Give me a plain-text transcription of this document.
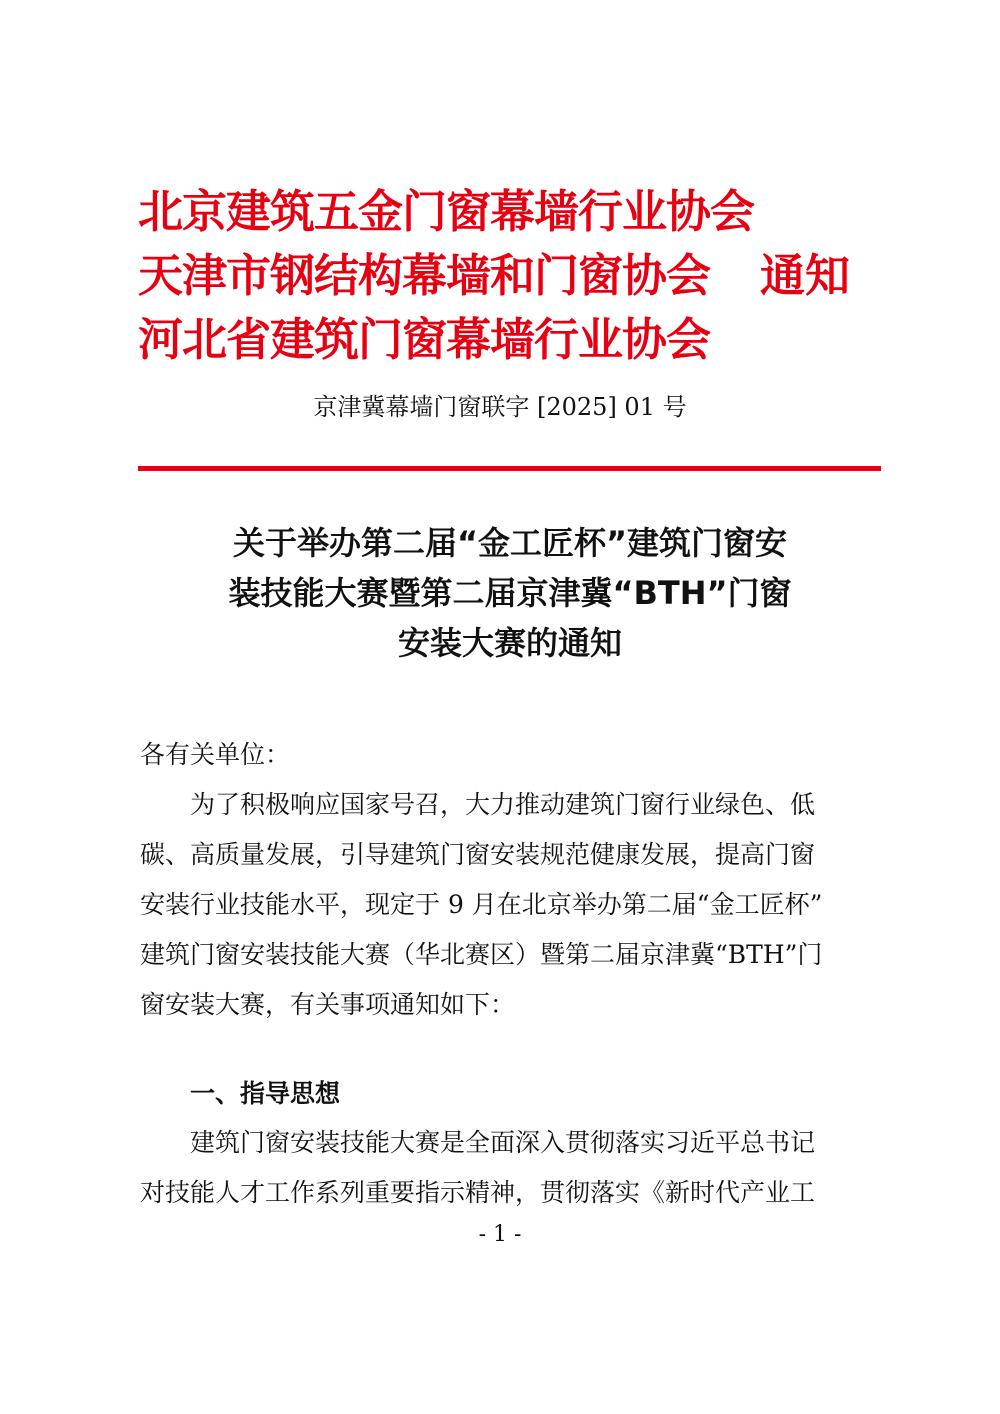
北京建筑五金门窗幕墙行业协会
天津市钢结构幕墙和门窗协会
河北省建筑门窗幕墙行业协会
通知
京津冀幕墙门窗联字 [2025] 01 号
关于举办第二届“金工匠杯”建筑门窗安
装技能大赛暨第二届京津冀“BTH”门窗
安装大赛的通知

各有关单位：

　　为了积极响应国家号召，大力推动建筑门窗行业绿色、低

碳、高质量发展，引导建筑门窗安装规范健康发展，提高门窗

安装行业技能水平，现定于 9 月在北京举办第二届“金工匠杯”

建筑门窗安装技能大赛（华北赛区）暨第二届京津冀“BTH”门

窗安装大赛，有关事项通知如下：

一、指导思想

　　建筑门窗安装技能大赛是全面深入贯彻落实习近平总书记

对技能人才工作系列重要指示精神，贯彻落实《新时代产业工

- 1 -
